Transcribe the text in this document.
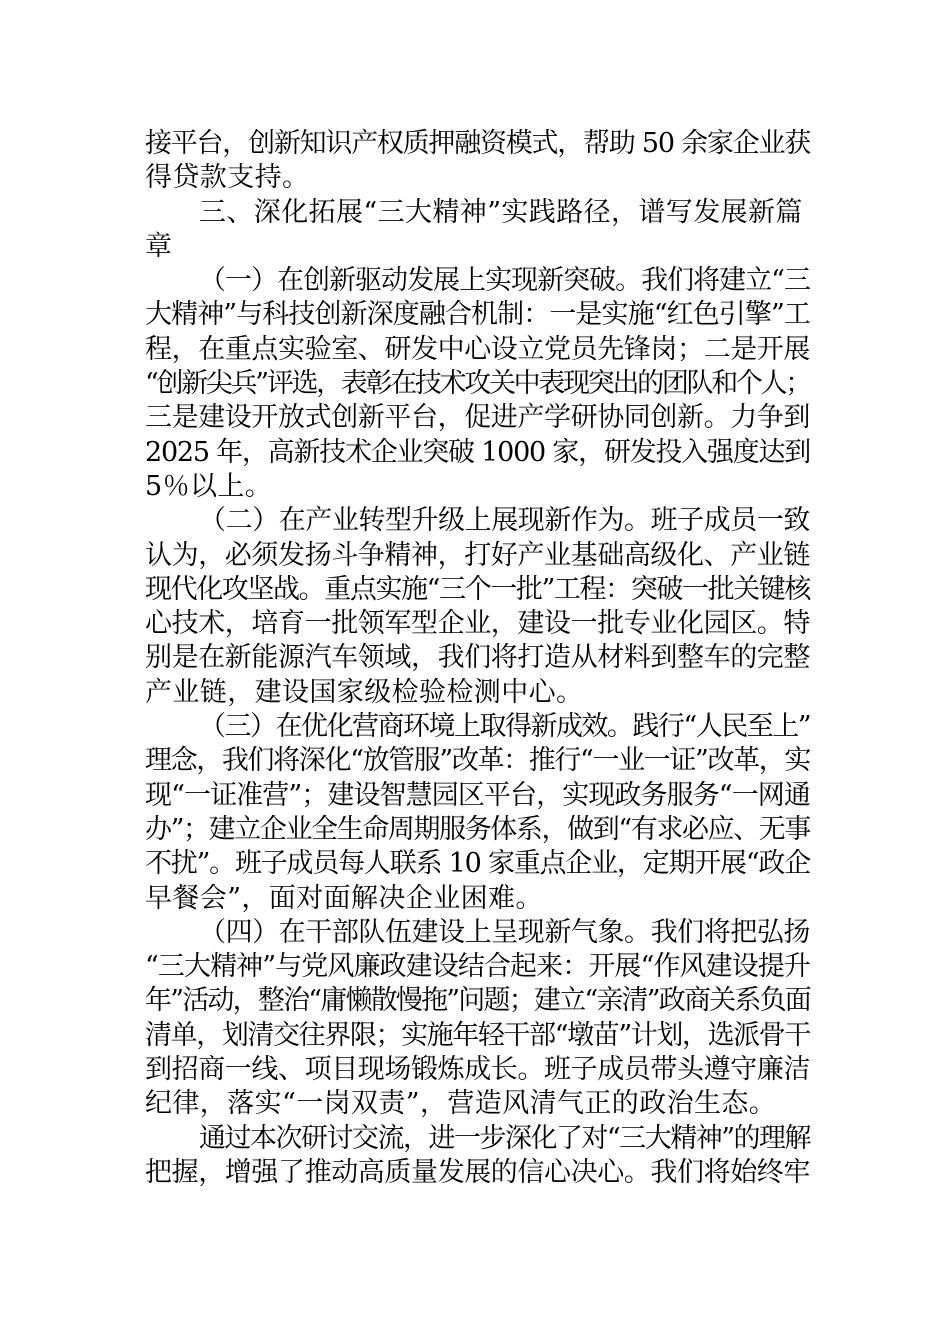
接平台，创新知识产权质押融资模式，帮助 50 余家企业获
得贷款支持。
三、深化拓展“三大精神”实践路径，谱写发展新篇
章
（一）在创新驱动发展上实现新突破。我们将建立“三
大精神”与科技创新深度融合机制：一是实施“红色引擎”工
程，在重点实验室、研发中心设立党员先锋岗；二是开展
“创新尖兵”评选，表彰在技术攻关中表现突出的团队和个人；
三是建设开放式创新平台，促进产学研协同创新。力争到
2025 年，高新技术企业突破 1000 家，研发投入强度达到
5％以上。
（二）在产业转型升级上展现新作为。班子成员一致
认为，必须发扬斗争精神，打好产业基础高级化、产业链
现代化攻坚战。重点实施“三个一批”工程：突破一批关键核
心技术，培育一批领军型企业，建设一批专业化园区。特
别是在新能源汽车领域，我们将打造从材料到整车的完整
产业链，建设国家级检验检测中心。
（三）在优化营商环境上取得新成效。践行“人民至上”
理念，我们将深化“放管服”改革：推行“一业一证”改革，实
现“一证准营”；建设智慧园区平台，实现政务服务“一网通
办”；建立企业全生命周期服务体系，做到“有求必应、无事
不扰”。班子成员每人联系 10 家重点企业，定期开展“政企
早餐会”，面对面解决企业困难。
（四）在干部队伍建设上呈现新气象。我们将把弘扬
“三大精神”与党风廉政建设结合起来：开展“作风建设提升
年”活动，整治“庸懒散慢拖”问题；建立“亲清”政商关系负面
清单，划清交往界限；实施年轻干部“墩苗”计划，选派骨干
到招商一线、项目现场锻炼成长。班子成员带头遵守廉洁
纪律，落实“一岗双责”，营造风清气正的政治生态。
通过本次研讨交流，进一步深化了对“三大精神”的理解
把握，增强了推动高质量发展的信心决心。我们将始终牢
